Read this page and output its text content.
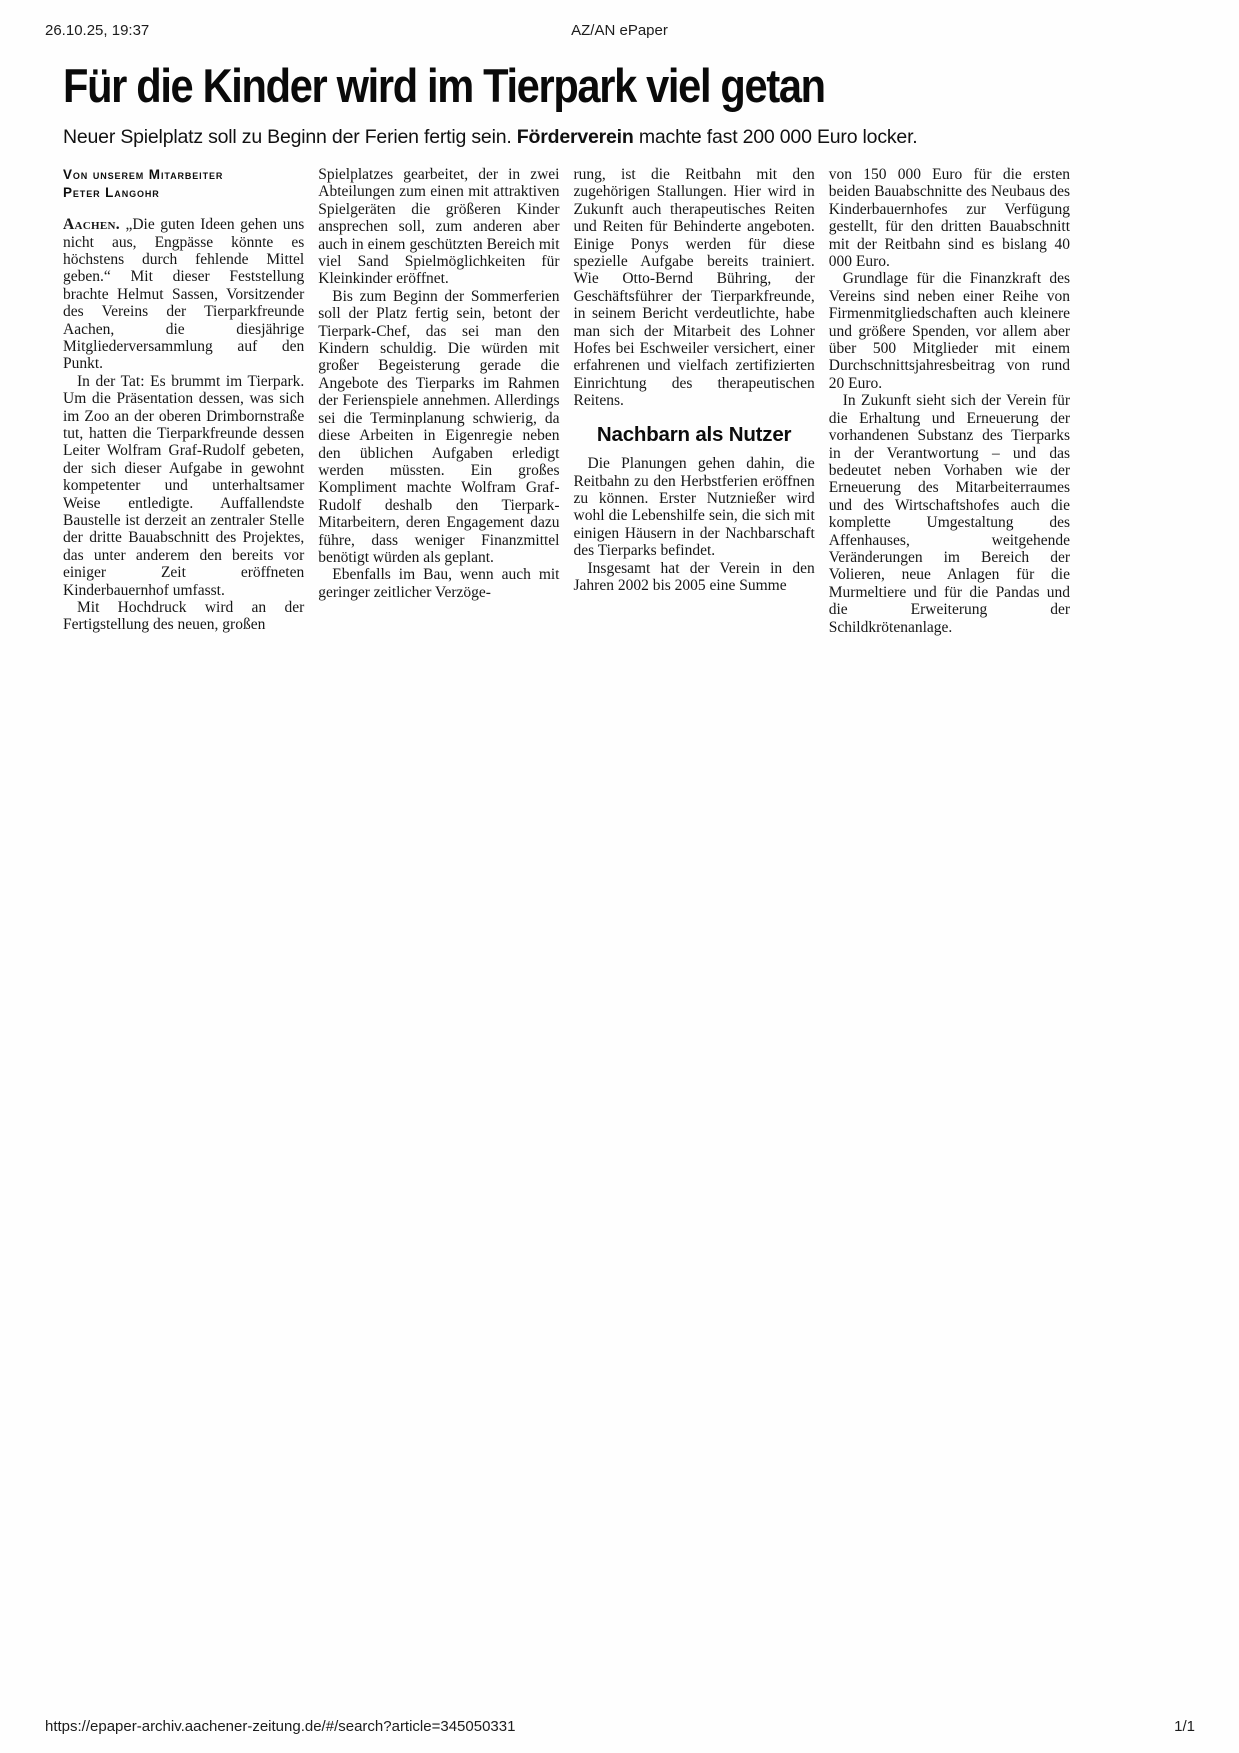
26.10.25, 19:37	AZ/AN ePaper
Für die Kinder wird im Tierpark viel getan
Neuer Spielplatz soll zu Beginn der Ferien fertig sein. Förderverein machte fast 200 000 Euro locker.
Von unserem Mitarbeiter
Peter Langohr

Aachen. „Die guten Ideen gehen uns nicht aus, Engpässe könnte es höchstens durch fehlende Mittel geben.“ Mit dieser Feststellung brachte Helmut Sassen, Vorsitzender des Vereins der Tierparkfreunde Aachen, die diesjährige Mitgliederversammlung auf den Punkt.

In der Tat: Es brummt im Tierpark. Um die Präsentation dessen, was sich im Zoo an der oberen Drimbornstraße tut, hatten die Tierparkfreunde dessen Leiter Wolfram Graf-Rudolf gebeten, der sich dieser Aufgabe in gewohnt kompetenter und unterhaltsamer Weise entledigte. Auffallendste Baustelle ist derzeit an zentraler Stelle der dritte Bauabschnitt des Projektes, das unter anderem den bereits vor einiger Zeit eröffneten Kinderbauernhof umfasst.

Mit Hochdruck wird an der Fertigstellung des neuen, großen

Spielplatzes gearbeitet, der in zwei Abteilungen zum einen mit attraktiven Spielgeräten die größeren Kinder ansprechen soll, zum anderen aber auch in einem geschützten Bereich mit viel Sand Spielmöglichkeiten für Kleinkinder eröffnet.

Bis zum Beginn der Sommerferien soll der Platz fertig sein, betont der Tierpark-Chef, das sei man den Kindern schuldig. Die würden mit großer Begeisterung gerade die Angebote des Tierparks im Rahmen der Ferienspiele annehmen. Allerdings sei die Terminplanung schwierig, da diese Arbeiten in Eigenregie neben den üblichen Aufgaben erledigt werden müssten. Ein großes Kompliment machte Wolfram Graf-Rudolf deshalb den Tierpark-Mitarbeitern, deren Engagement dazu führe, dass weniger Finanzmittel benötigt würden als geplant.

Ebenfalls im Bau, wenn auch mit geringer zeitlicher Verzöge-

rung, ist die Reitbahn mit den zugehörigen Stallungen. Hier wird in Zukunft auch therapeutisches Reiten und Reiten für Behinderte angeboten. Einige Ponys werden für diese spezielle Aufgabe bereits trainiert. Wie Otto-Bernd Bühring, der Geschäftsführer der Tierparkfreunde, in seinem Bericht verdeutlichte, habe man sich der Mitarbeit des Lohner Hofes bei Eschweiler versichert, einer erfahrenen und vielfach zertifizierten Einrichtung des therapeutischen Reitens.

Nachbarn als Nutzer

Die Planungen gehen dahin, die Reitbahn zu den Herbstferien eröffnen zu können. Erster Nutznießer wird wohl die Lebenshilfe sein, die sich mit einigen Häusern in der Nachbarschaft des Tierparks befindet.

Insgesamt hat der Verein in den Jahren 2002 bis 2005 eine Summe

von 150 000 Euro für die ersten beiden Bauabschnitte des Neubaus des Kinderbauernhofes zur Verfügung gestellt, für den dritten Bauabschnitt mit der Reitbahn sind es bislang 40 000 Euro.

Grundlage für die Finanzkraft des Vereins sind neben einer Reihe von Firmenmitgliedschaften auch kleinere und größere Spenden, vor allem aber über 500 Mitglieder mit einem Durchschnittsjahresbeitrag von rund 20 Euro.

In Zukunft sieht sich der Verein für die Erhaltung und Erneuerung der vorhandenen Substanz des Tierparks in der Verantwortung – und das bedeutet neben Vorhaben wie der Erneuerung des Mitarbeiterraumes und des Wirtschaftshofes auch die komplette Umgestaltung des Affenhauses, weitgehende Veränderungen im Bereich der Volieren, neue Anlagen für die Murmeltiere und für die Pandas und die Erweiterung der Schildkrötenanlage.

https://epaper-archiv.aachener-zeitung.de/#/search?article=345050331	1/1
